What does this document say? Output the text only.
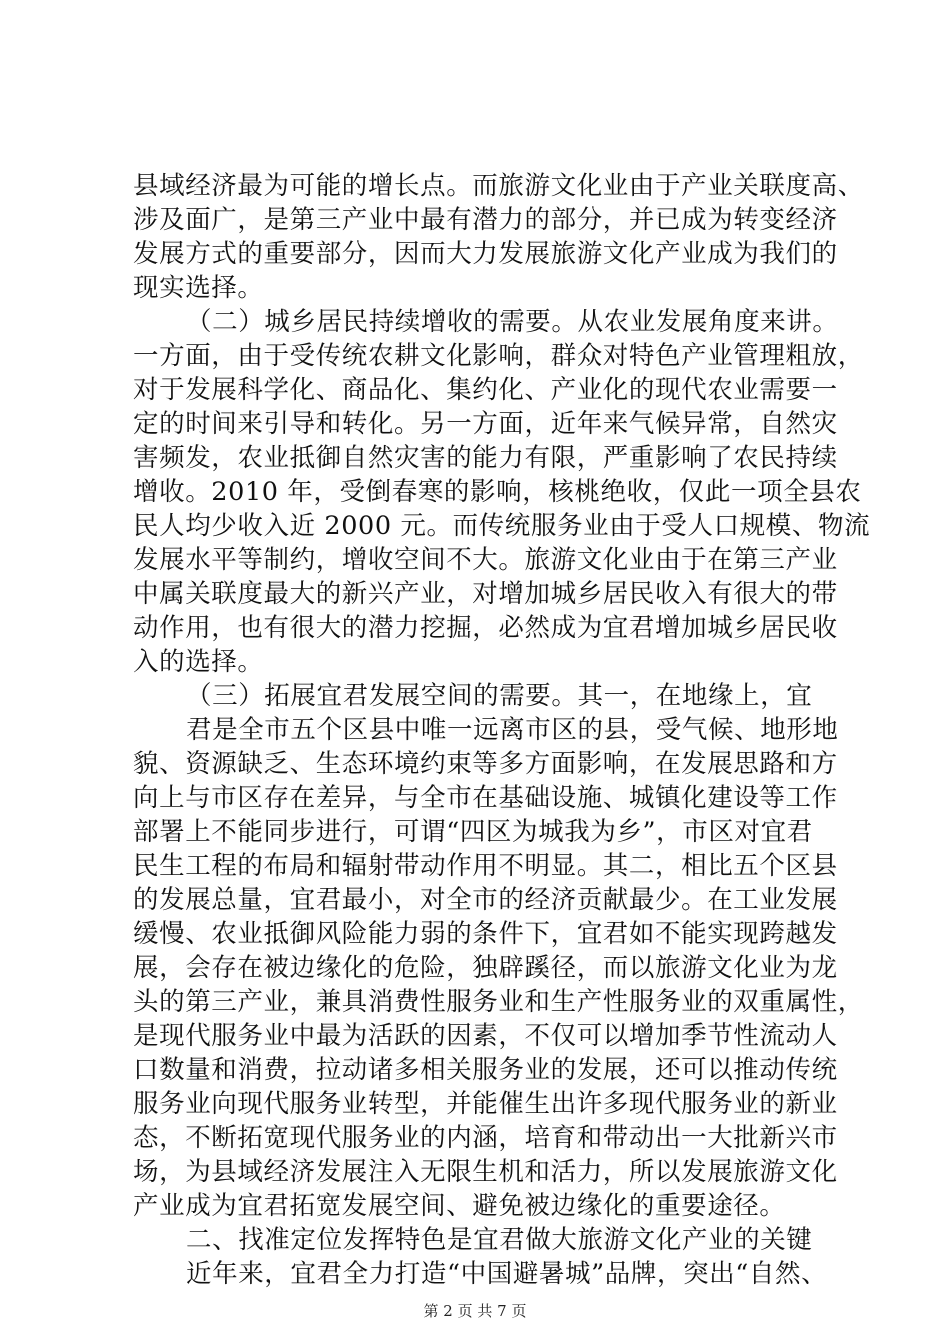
县域经济最为可能的增长点。而旅游文化业由于产业关联度高、
涉及面广，是第三产业中最有潜力的部分，并已成为转变经济
发展方式的重要部分，因而大力发展旅游文化产业成为我们的
现实选择。
（二）城乡居民持续增收的需要。从农业发展角度来讲。
一方面，由于受传统农耕文化影响，群众对特色产业管理粗放，
对于发展科学化、商品化、集约化、产业化的现代农业需要一
定的时间来引导和转化。另一方面，近年来气候异常，自然灾
害频发，农业抵御自然灾害的能力有限，严重影响了农民持续
增收。2010 年，受倒春寒的影响，核桃绝收，仅此一项全县农
民人均少收入近 2000 元。而传统服务业由于受人口规模、物流
发展水平等制约，增收空间不大。旅游文化业由于在第三产业
中属关联度最大的新兴产业，对增加城乡居民收入有很大的带
动作用，也有很大的潜力挖掘，必然成为宜君增加城乡居民收
入的选择。
（三）拓展宜君发展空间的需要。其一，在地缘上，宜
君是全市五个区县中唯一远离市区的县，受气候、地形地
貌、资源缺乏、生态环境约束等多方面影响，在发展思路和方
向上与市区存在差异，与全市在基础设施、城镇化建设等工作
部署上不能同步进行，可谓“四区为城我为乡”，市区对宜君
民生工程的布局和辐射带动作用不明显。其二，相比五个区县
的发展总量，宜君最小，对全市的经济贡献最少。在工业发展
缓慢、农业抵御风险能力弱的条件下，宜君如不能实现跨越发
展，会存在被边缘化的危险，独辟蹊径，而以旅游文化业为龙
头的第三产业，兼具消费性服务业和生产性服务业的双重属性，
是现代服务业中最为活跃的因素，不仅可以增加季节性流动人
口数量和消费，拉动诸多相关服务业的发展，还可以推动传统
服务业向现代服务业转型，并能催生出许多现代服务业的新业
态，不断拓宽现代服务业的内涵，培育和带动出一大批新兴市
场，为县域经济发展注入无限生机和活力，所以发展旅游文化
产业成为宜君拓宽发展空间、避免被边缘化的重要途径。
二、找准定位发挥特色是宜君做大旅游文化产业的关键
近年来，宜君全力打造“中国避暑城”品牌，突出“自然、
第 2 页 共 7 页
